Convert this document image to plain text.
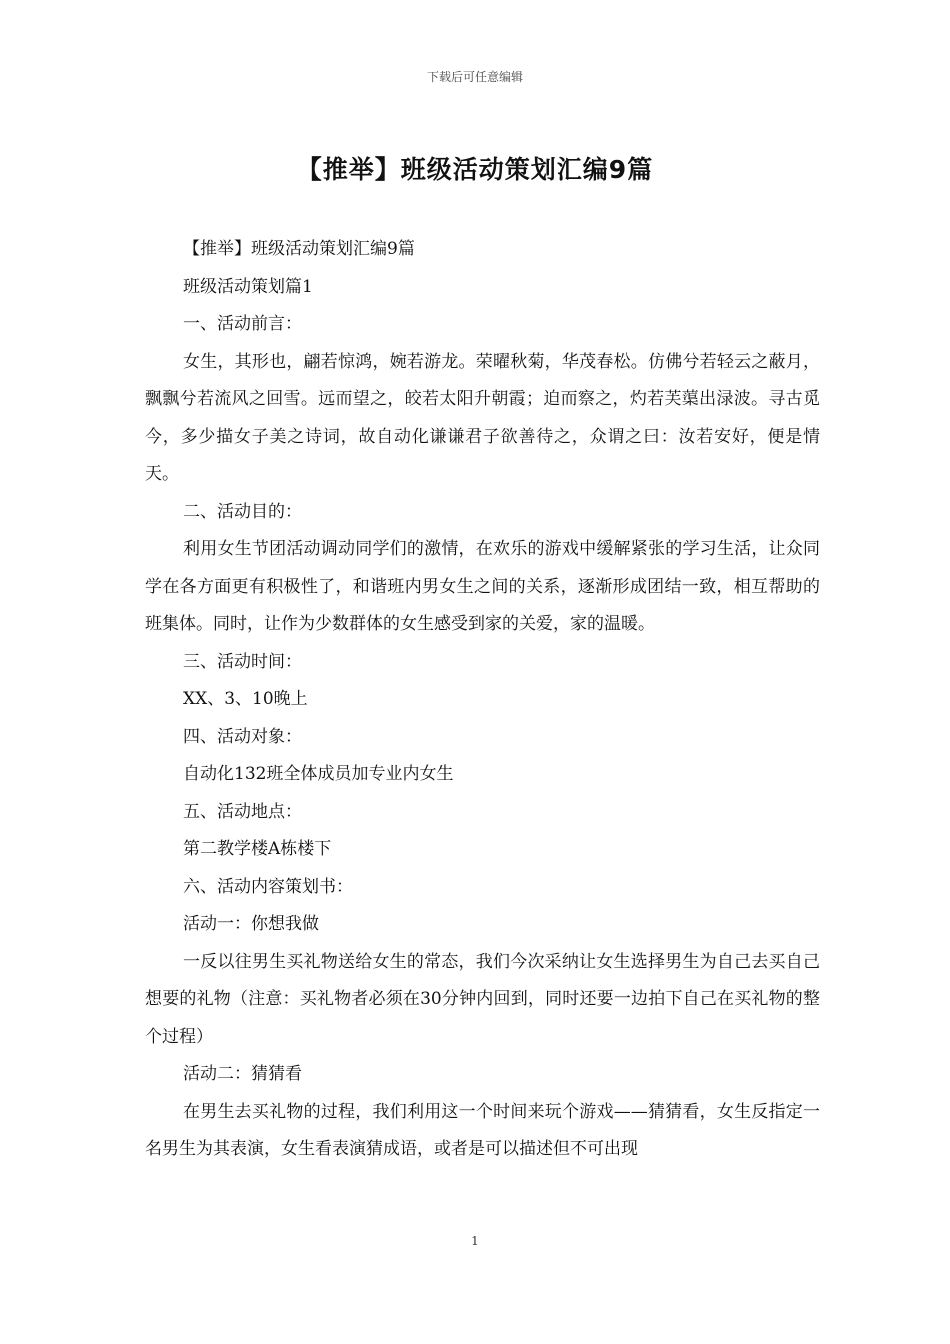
下载后可任意编辑
【推举】班级活动策划汇编9篇

【推举】班级活动策划汇编9篇

班级活动策划篇1

一、活动前言：

女生，其形也，翩若惊鸿，婉若游龙。荣曜秋菊，华茂春松。仿佛兮若轻云之蔽月，飘飘兮若流风之回雪。远而望之，皎若太阳升朝霞；迫而察之，灼若芙蕖出渌波。寻古觅今，多少描女子美之诗词，故自动化谦谦君子欲善待之，众谓之曰：汝若安好，便是情天。

二、活动目的：

利用女生节团活动调动同学们的激情，在欢乐的游戏中缓解紧张的学习生活，让众同学在各方面更有积极性了，和谐班内男女生之间的关系，逐渐形成团结一致，相互帮助的班集体。同时，让作为少数群体的女生感受到家的关爱，家的温暖。

三、活动时间：

XX、3、10晚上

四、活动对象：

自动化132班全体成员加专业内女生

五、活动地点：

第二教学楼A栋楼下

六、活动内容策划书：

活动一：你想我做

一反以往男生买礼物送给女生的常态，我们今次采纳让女生选择男生为自己去买自己想要的礼物（注意：买礼物者必须在30分钟内回到，同时还要一边拍下自己在买礼物的整个过程）

活动二：猜猜看

在男生去买礼物的过程，我们利用这一个时间来玩个游戏——猜猜看，女生反指定一名男生为其表演，女生看表演猜成语，或者是可以描述但不可出现

1
